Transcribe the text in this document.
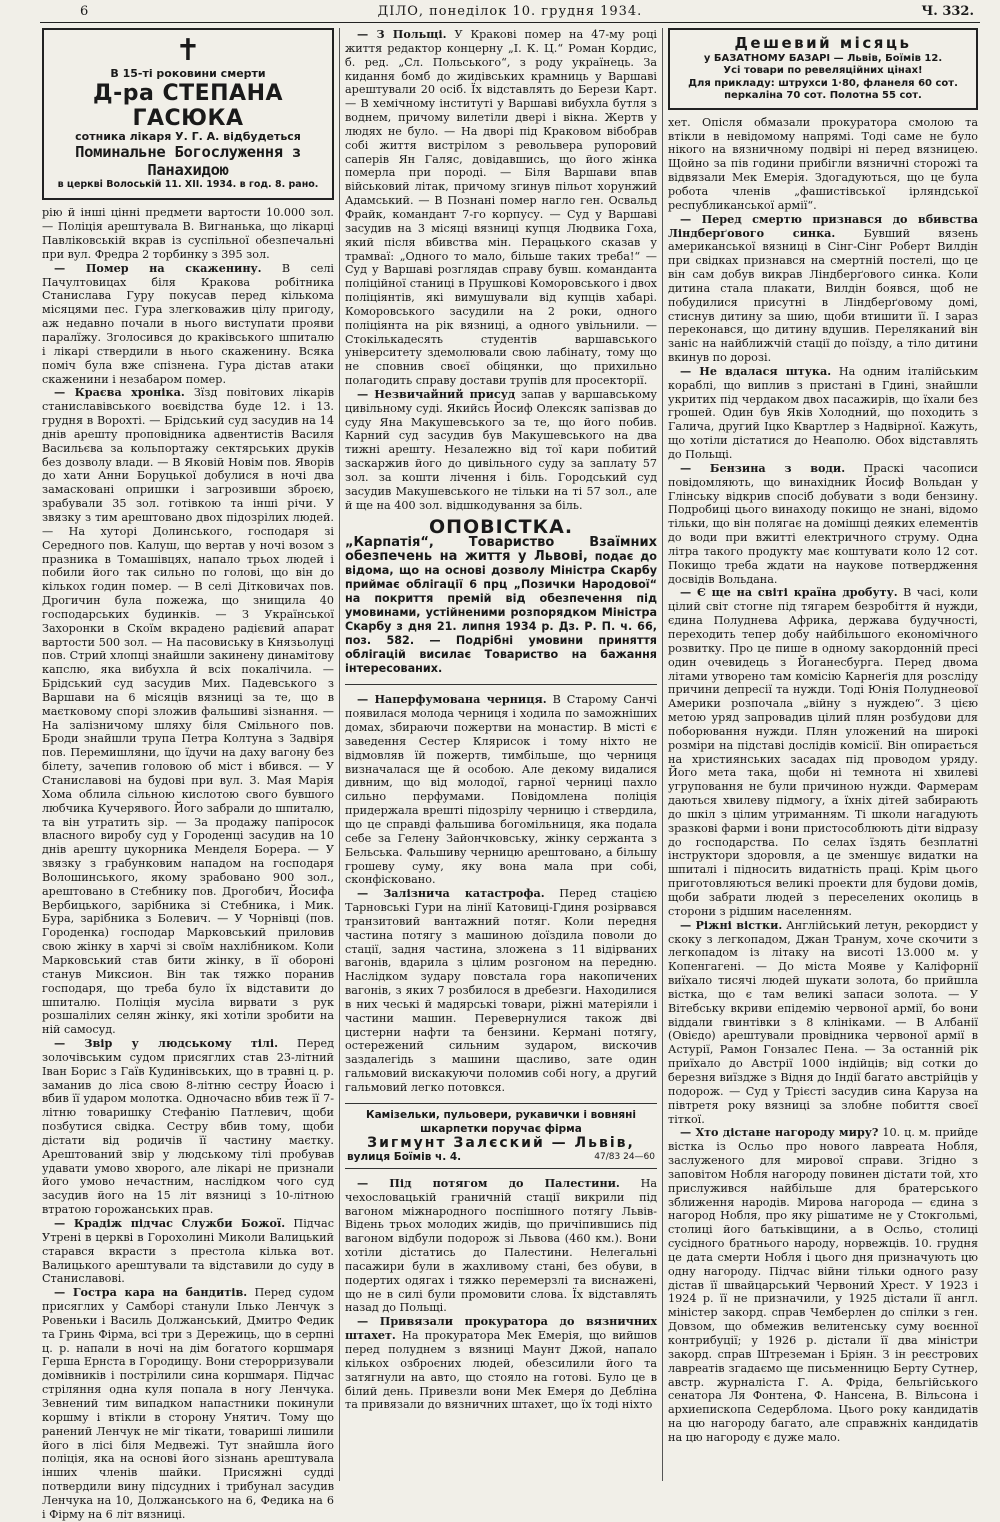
6	ДІЛО, понеділок 10. грудня 1934.	Ч. 332.
✝
В 15-ті роковини смерти
Д-ра СТЕПАНА ГАСЮКА
сотника лікаря У. Г. А. відбудеться
Поминальне Богослуження з Панахидою
в церкві Волоській 11. XII. 1934. в год. 8. рано.

рію й інші цінні предмети вартости 10.000 зол. — Поліція арештувала В. Вигнанька, що лікарці Павліковській вкрав із суспільної обезпечальні при вул. Фредра 2 торбинку з 395 зол.

— Помер на скаженину. В селі Пачултовицах біля Кракова робітника Станислава Гуру покусав перед кількома місяцями пес. Гура злегковажив цілу пригоду, аж недавно почали в нього виступати прояви паралїжу. Зголосився до краківського шпиталю і лікарі ствердили в нього скаженину. Всяка поміч була вже спізнена. Гура дістав атаки скаженини і незабаром помер.

— Краєва хроніка. Зїзд повітових лікарів станиславівського воєвідства буде 12. і 13. грудня в Ворохті. — Брідський суд засудив на 14 днів арешту проповідника адвентистів Василя Васильєва за кольпортажу сектярських друків без дозволу влади. — В Яковій Новім пов. Яворів до хати Анни Боруцької добулися в ночі два замасковані опришки і загрозивши зброєю, зрабували 35 зол. готівкою та інші річи. У звязку з тим арештовано двох підозрілих людей. — На хуторі Долинського, господаря зі Середного пов. Калуш, що вертав у ночі возом з празника в Томашівцях, напало трьох людей і побили його так сильно по голові, що він до кількох годин помер. — В селі Дітковичах пов. Дрогичин була пожежа, що знищила 40 господарських будинків. — З Української Захоронки в Скоїм вкрадено радієвий апарат вартости 500 зол. — На пасовиську в Князьолуці пов. Стрий хлопці знайшли закинену динамітову капслю, яка вибухла й всіх покалічила. — Брідський суд засудив Мих. Падевського з Варшави на 6 місяців вязниці за те, що в маєтковому спорі зложив фальшиві зізнання. — На залізничому шляху біля Смільного пов. Броди знайшли трупа Петра Колтуна з Задвіря пов. Перемишляни, що їдучи на даху вагону без білету, зачепив головою об міст і вбився. — У Станиславові на будові при вул. 3. Мая Марія Хома облила сільною кислотою свого бувшого любчика Кучерявого. Його забрали до шпиталю, та він утратить зір. — За продажу папіросок власного виробу суд у Городенці засудив на 10 днів арешту цукорника Менделя Борера. — У звязку з грабунковим нападом на господаря Волошинського, якому зрабовано 900 зол., арештовано в Стебнику пов. Дрогобич, Йосифа Вербицького, зарібника зі Стебника, і Мик. Бура, зарібника з Болевич. — У Чорнівці (пов. Городенка) господар Марковський приловив свою жінку в харчі зі своїм нахлібником. Коли Марковський став бити жінку, в її оборонi станув Миксион. Він так тяжко поранив господаря, що треба було їх відставити до шпиталю. Поліція мусіла вирвати з рук розшалілих селян жінку, які хотіли зробити на ній самосуд.

— Звір у людському тілі. Перед золочівським судом присяглих став 23-літний Іван Борис з Гаїв Кудинівських, що в травні ц. р. заманив до ліса свою 8-літню сестру Йоасю і вбив її ударом молотка. Одночасно вбив теж її 7-літню товаришку Стефанію Патлевич, щоби позбутися свідка. Сестру вбив тому, щоби дістати від родичів її частину мaєтку. Арештований звір у людському тілі пробував удавати умово хворого, але лікарі не признали його умово нечастним, наслідком чого суд засудив його на 15 літ вязниці з 10-літною втратою горожанських прав.

— Крадіж підчас Служби Божої. Підчас Утрені в церкві в Горохолині Миколи Валицький старався вкрасти з престола кілька вот. Валицького арештували та відставили до суду в Станиславові.

— Гостра кара на бандитів. Перед судом присяглих у Самборі станули Ілько Ленчук з Ровеньки і Василь Должанський, Дмитро Федик та Гринь Фірма, всі три з Дережиць, що в серпні ц. р. напали в ночі на дім богатого коршмаря Герша Ернста в Городищу. Вони стерорризували домівників і пострілили сина коршмаря. Підчас стріляння одна куля попала в ногу Ленчука. Зевнений тим випадком напастники покинули коршму і втікли в сторону Унятич. Тому що ранений Ленчук не міг тікати, товариші лишили його в лісі біля Медвежі. Тут знайшла його поліція, яка на основі його зізнань арештувала інших членів шайки. Присяжні судді потвердили вину підсудних і трибунал засудив Ленчука на 10, Должанського на 6, Федика на 6 і Фірму на 6 літ вязниці.

— З Польщі. У Кракові помер на 47-му році життя редактор концерну „І. К. Ц.“ Роман Кордис, б. ред. „Сл. Польського“, з роду українець. За кидання бомб до жидівських крамниць у Варшаві арештували 20 осіб. Їх відставлять до Берези Карт. — В хемічному інституті у Варшаві вибухла бутля з воднем, причому вилетіли двері і вікна. Жертв у людях не було. — На дворі під Краковом вібобрав собі життя вистрілом з револьвера рупоровий саперів Ян Галяс, довідавшись, що його жінка померла при породі. — Біля Варшави впав військовий літак, причому згинув пільот хорунжий Адамський. — В Познані помер наглo ген. Освальд Фрайк, командант 7-го корпусу. — Суд у Варшаві засудив на 3 місяці вязниці купця Людвика Гоха, який після вбивства мін. Перацького сказав у трамваї: „Одного то мало, більше таких треба!“ — Суд у Варшаві розглядав справу бувш. команданта поліційної станиці в Прушкові Коморовського і двох поліціянтів, які вимушували від купців хабарі. Коморовського засудили на 2 роки, одного поліціянта на рік вязниці, а одного увільнили. — Стокількадесять студентів варшавського університету здемолювали свою лабінату, тому що не сповнив своєї обіцянки, що прихильно полагодить справу достави трупів для просекторії.

— Незвичайний присуд запав у варшавському цивільному суді. Якийсь Йосиф Олексяк запізвав до суду Яна Макушевського за те, що його побив. Карний суд засудив був Макушевського на два тижні арешту. Незалежно від тої кари побитий заскаржив його до цивільного суду за заплату 57 зол. за кошти лічення і біль. Городський суд засудив Макушевського не тільки на ті 57 зол., але й ще на 400 зол. відшкодування за біль.

ОПОВІСТКА.
„Карпатія“, Товариство Взаїмних обезпечень на життя у Львові, подає до відома, що на основі дозволу Міністра Скарбу приймає облігації 6 прц „Позички Народової“ на покриття премій від обезпечення під умовинами, устійненими розпорядком Міністра Скарбу з дня 21. липня 1934 р. Дз. Р. П. ч. 66, поз. 582. — Подрібні умовини приняття облігацій висилає Товариство на бажання інтересованих.

— Наперфумована черниця. В Старому Санчі появилася молода черниця і ходила по заможніших домах, збираючи пожертви на монастир. В місті є заведення Сестер Клярисок і тому ніхто не відмовляв їй пожертв, тимбільше, що черниця визначалася ще й особою. Але декому видалися дивним, що від молодої, гарної черниці пахло сильно перфумами. Повідомлена поліція придержала врешті підозрілу черницю і ствердила, що це справді фальшива богомільниця, яка подала себе за Гелену Зайончковську, жінку сержанта з Бельська. Фальшиву черницю арештовано, а більшу грошеву суму, яку вона мала при собі, сконфісковано.

— Залізнича катастрофа. Перед стацією Тарновські Гури на лінії Катовиці-Гдиня розірвався транзитовий вантажний потяг. Коли передня частина потягу з машиною доїздила поволи до стації, задня частина, зложена з 11 відірваних вагонів, вдарила з цілим розгоном на передню. Наслідком зудару повстала гора накопичених вагонів, з яких 7 розбилося в дребезги. Находилися в них чеські й мадярські товари, ріжні матеріяли і частини машин. Перевернулися також дві цистерни нафти та бензини. Кермані потягу, остережений сильним зударом, вискочив заздалегідь з машини щасливо, зате один гальмовий вискакуючи поломив собі ногу, а другий гальмовий легко потовкся.

Камізельки, пульовери, рукавички і вовняні
шкарпетки поручає фірма
Зигмунт Залєский — Львів,
вулиця Боїмів ч. 4.	47/83 24—60

— Під потягом до Палестини. На чехословацькій граничній стації викрили під вагоном міжнародного поспішного потягу Львів-Відень трьох молодих жидів, що причіпившись під вагоном відбули подорож зі Львова (460 км.). Вони хотіли дістатись до Палестини. Нелегальні пасажири були в жахливому стані, без обуви, в подертих одягах і тяжко перемерзлі та виснажені, що не в силі були промовити слова. Їх відставлять назад до Польщі.

— Привязали прокуратора до вязничних штахет. На прокуратора Мек Емерія, що вийшов перед полуднем з вязниці Маунт Джой, напало кількох озброєних людей, обезсилили його та затягнули на авто, що стояло на готові. Було це в білий день. Привезли вони Мек Емеря до Дебліна та привязали до вязничних штахет, що їх тоді ніхто

Дешевий місяць
у БАЗАТНОМУ БАЗАРІ — Львів, Боїмів 12.
Усі товари по ревеляційних цінах!
Для прикладу: штрухси 1·80, фланеля 60 сот.
перкаліна 70 сот. Полотна 55 сот.

хет. Опісля обмазали прокуратора смолою та втікли в невідомому напрямі. Тоді саме не було нікого на вязничному подвірі ні перед вязницею. Щойно за пів години прибігли вязничні сторожі та відвязали Мек Емерія. Здогадуються, що це була робота членів „фашистівської ірляндської республиканської армії“.

— Перед смертю признався до вбивства Ліндберґового синка. Бувший вязень американської вязниці в Сінг-Сінг Роберт Вилдін при свідках признався на смертній постелі, що це він сам добув викрав Ліндберґового синка. Коли дитина стала плакати, Вилдін боявся, щоб не побудилися присутні в Ліндберґовому домі, стиснув дитину за шию, щоби втишити її. І зараз переконався, що дитину вдушив. Переляканий він заніс на найближчій стації до поїзду, а тіло дитини вкинув по дорозі.

— Не вдалася штука. На одним італійським кораблі, що виплив з пристані в Гдині, знайшли укритих під чердаком двох пасажирів, що їхали без грошей. Один був Яків Холодний, що походить з Галича, другий Іцко Квартлер з Надвірної. Кажуть, що хотіли дістатися до Неаполю. Обох відставлять до Польщі.

— Бензина з води. Праскі часописи повідомляють, що винахідник Йосиф Вольдан у Глінську відкрив спосіб добувати з води бензину. Подробиці цього винаходу покищо не знані, відомо тільки, що він полягає на домішці деяких елементів до води при вжитті електричного струму. Одна літра такого продукту має коштувати коло 12 сот. Покищо треба ждати на наукове потвердження досвідів Вольдана.

— Є ще на світі країна дробуту. В часі, коли цілий світ стогне під тягарем безробіття й нужди, єдина Полуднева Африка, держава будучності, переходить тепер добу найбільшого економічного розвитку. Про це пише в одному закордонній пресі один очевидець з Йоганесбурга. Перед двома літами утворено там комісію Карнеґія для розсліду причини депресії та нужди. Тоді Юнія Полуднеової Америки розпочала „війну з нуждею“. З цією метою уряд запровадив цілий плян розбудови для поборювання нужди. Плян уложений на широкі розміри на підставі дослідів комісії. Він опирається на християнських засадах під проводом уряду. Його мета така, щоби ні темнота ні хвилеві угруповання не були причиною нужди. Фармерам даються хвилеву підмогу, а їхніх дітей забирають до шкіл з цілим утриманням. Ті школи нагадують зразкові фарми і вони пристособлюють діти відразу до господарства. По селах їздять безплатні інструктори здоровля, а це зменшує видатки на шпиталі і підносить видатність праці. Крім цього приготовляються великі проекти для будови домів, щоби забрати людей з переселених околиць в сторони з рідшим населенням.

— Ріжні вістки. Англійський летун, рекордист у скоку з легкопадом, Джан Транум, хоче скочити з легкопадом із літаку на висоті 13.000 м. у Копенгагені. — До міста Мояве у Каліфорнії виїхало тисячі людей шукати золота, бо прийшла вістка, що є там великі запаси золота. — У Вітебську вкриви епідемію червоної армії, бо вони віддали гвинтівки з 8 клініками. — В Албанії (Овієдо) арештували провідника червоної армії в Астурії, Рамон Гонзалес Пена. — За останній рік приїхало до Австрії 1000 індійців; від сотки до березня виїздже з Відня до Індії багато австрійців у подорож. — Суд у Трієсті засудив сина Карузa на півтретя року вязниці за злобне побиття своєї тіткої.

— Хто дістане нагороду миру? 10. ц. м. прийде вістка із Осльо про нового лавреата Нобля, заслуженого для мирової справи. Згідно з заповітом Нобля нагороду повинен дістати той, хто прислужився найбільше для братерського зближення народів. Мирова нагорода — єдина з нагород Нобля, про яку рішатиме не у Стокгольмі, столиці його батьківщини, а в Осльо, столиці сусідного братнього народу, норвежців. 10. грудня це дата смерти Нобля і цього дня призначують цю одну нагороду. Підчас війни тільки одного разу дістав її швайцарський Червоний Хрест. У 1923 і 1924 р. її не призначили, у 1925 дістали її англ. міністер закорд. справ Чемберлен до спілки з ген. Довзом, що обмежив велитенську суму воєнної контрибуції; у 1926 р. дістали її два міністри закорд. справ Штреземан і Бріян. З ін реєстрових лавреатів згадаємо ще письменницю Берту Сутнер, австр. журналіста Г. А. Фріда, бельгійського сенатора Ля Фонтена, Ф. Нансена, В. Вільсона і архиепископа Седерблома. Цього року кандидатів на цю нагороду багато, але справжніх кандидатів на цю нагороду є дуже мало.
